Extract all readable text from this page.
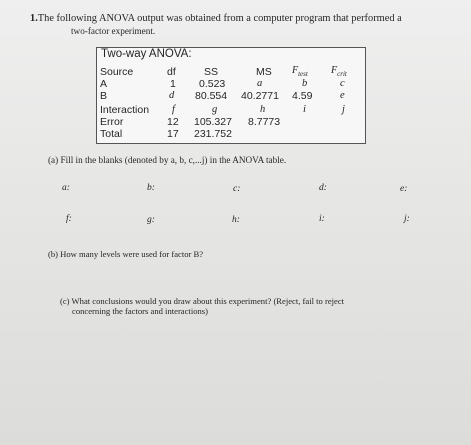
1.The following ANOVA output was obtained from a computer program that performed a
two-factor experiment.
Two-way ANOVA:
Source	df	SS	MS $F_{test}$ $F_{crit}$
A	1 0.523	a	b	c
B	d 80.554 40.2771 4.59	e
Interaction f	g	h	i	j
Error	12 105.327 8.7773
Total	17 231.752
(a) Fill in the blanks (denoted by a, b, c,...j) in the ANOVA table.
a:	b:	c:	d:	e:
f:	g:	h:	i:	j:
(b) How many levels were used for factor B?
(c) What conclusions would you draw about this experiment? (Reject, fail to reject
concerning the factors and interactions)
